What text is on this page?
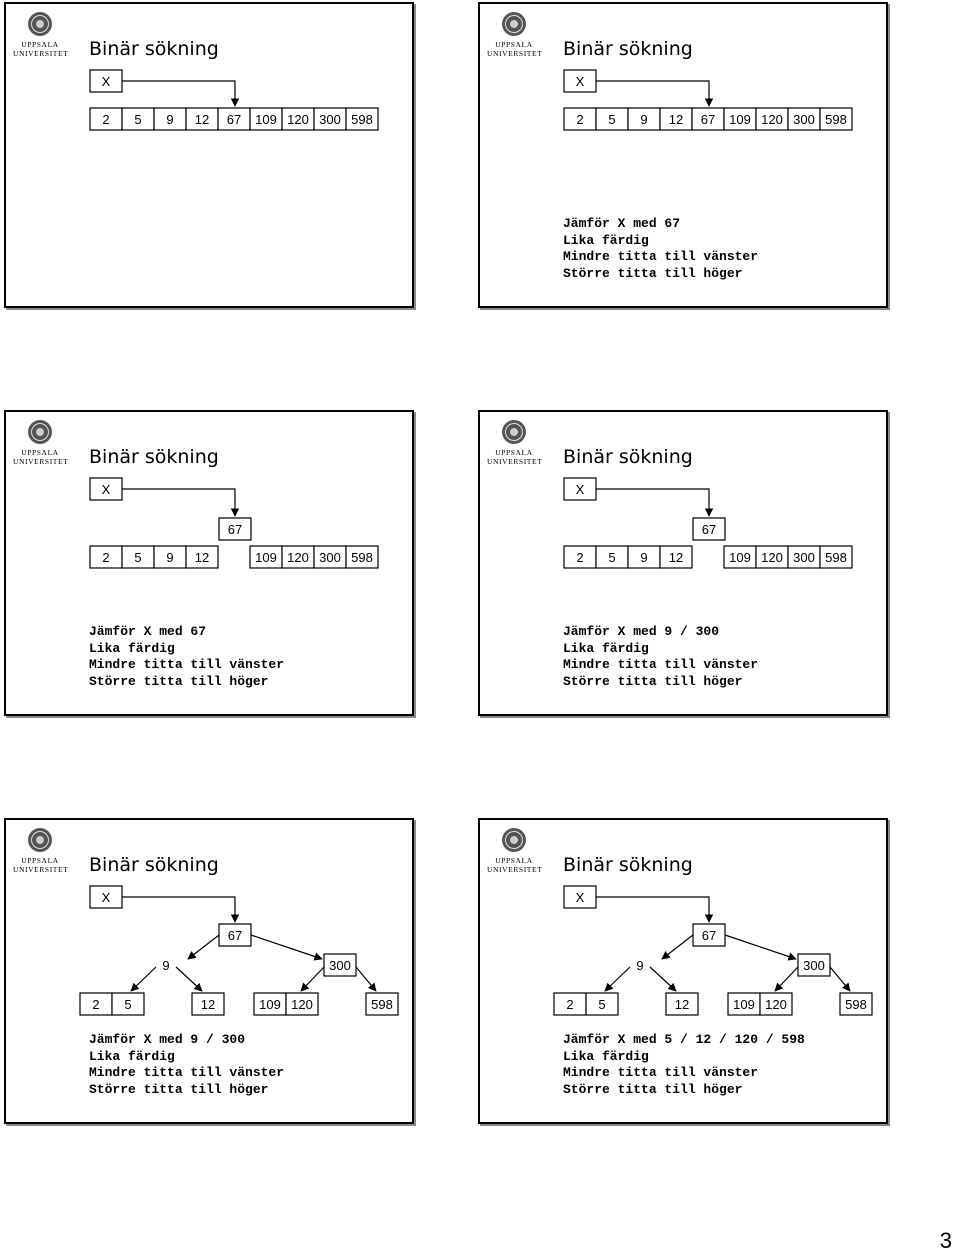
UPPSALA
UNIVERSITET Binär sökning
X
2 5 9 12 67 109 120 300 598
UPPSALA
UNIVERSITET Binär sökning
X
2 5 9 12 67 109 120 300 598
Jämför X med 67
Lika färdig
Mindre titta till vänster
Större titta till höger
UPPSALA
UNIVERSITET Binär sökning
X
67
2 5 9 12	109 120 300 598
Jämför X med 67
Lika färdig
Mindre titta till vänster
Större titta till höger
UPPSALA
UNIVERSITET Binär sökning
X
67
2 5 9 12	109 120 300 598
Jämför X med 9 / 300
Lika färdig
Mindre titta till vänster
Större titta till höger
UPPSALA
UNIVERSITET Binär sökning
X
67
9	300
2 5	12	109 120	598
Jämför X med 9 / 300
Lika färdig
Mindre titta till vänster
Större titta till höger
UPPSALA
UNIVERSITET Binär sökning
X
67
9	300
2 5	12	109 120	598
Jämför X med 5 / 12 / 120 / 598
Lika färdig
Mindre titta till vänster
Större titta till höger
3
